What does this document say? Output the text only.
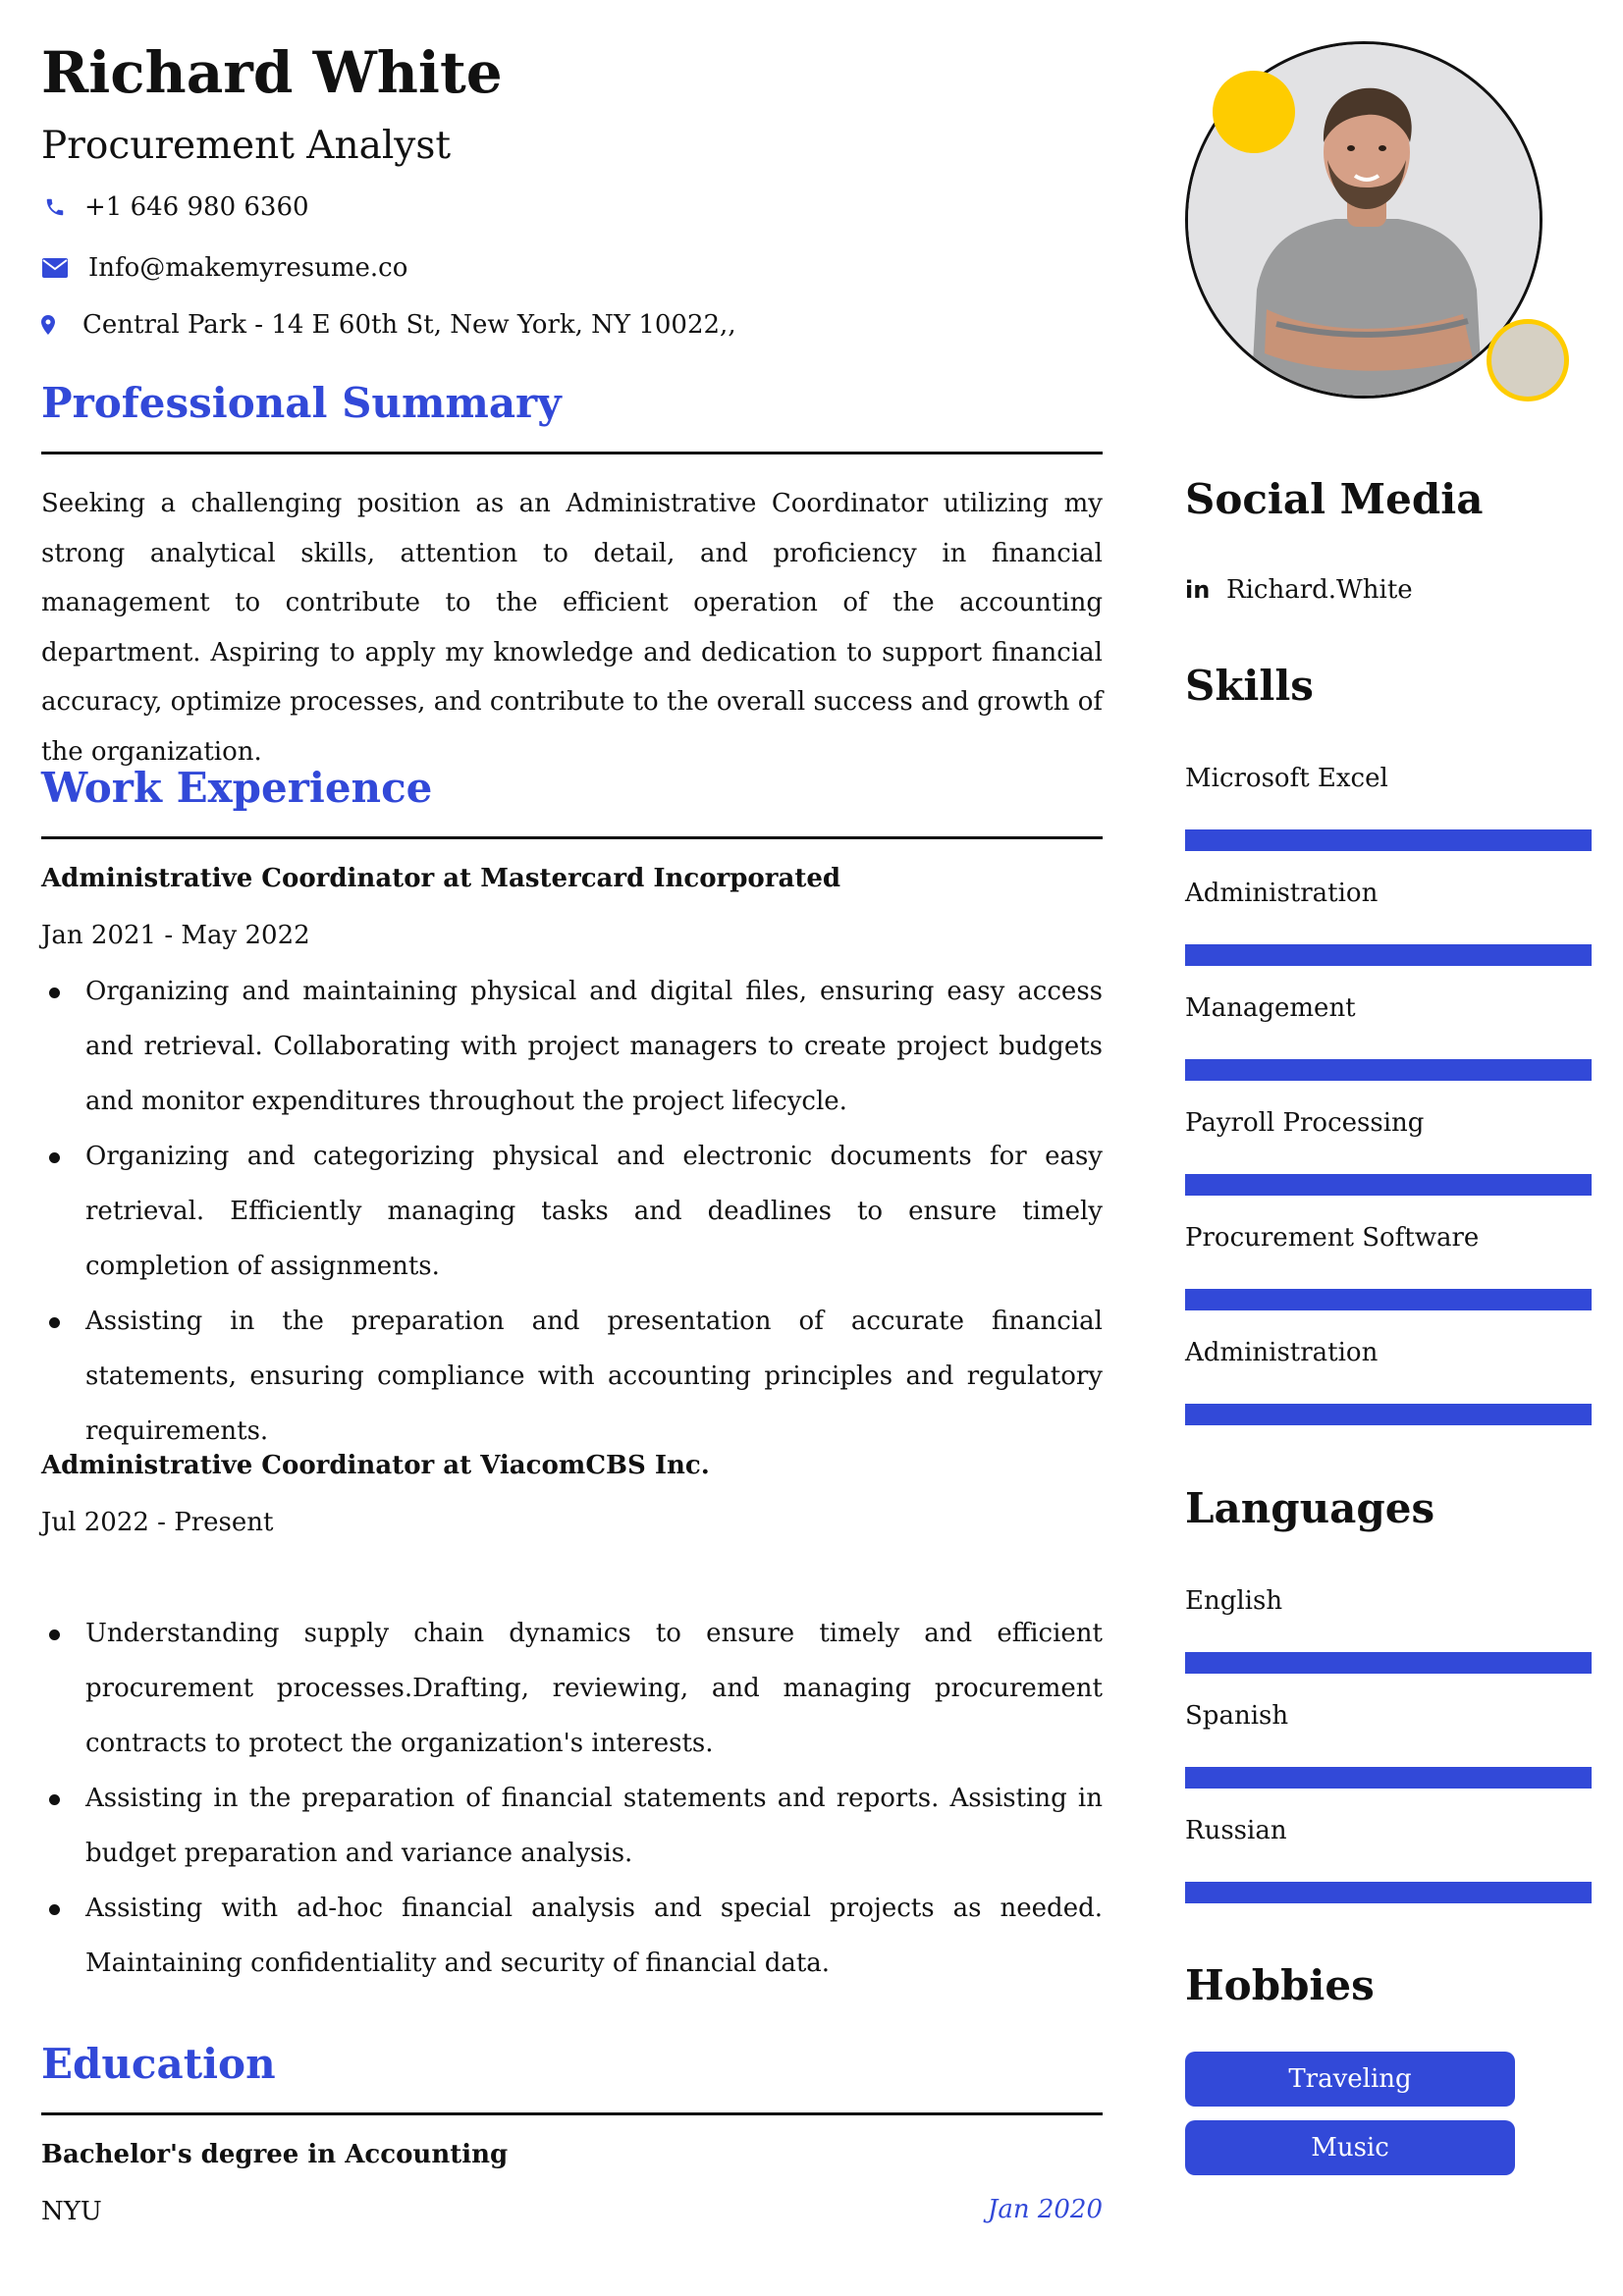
Richard White
Procurement Analyst
+1 646 980 6360
Info@makemyresume.co
Central Park - 14 E 60th St, New York, NY 10022,,
Professional Summary

Seeking a challenging position as an Administrative Coordinator utilizing my strong analytical skills, attention to detail, and proficiency in financial management to contribute to the efficient operation of the accounting department. Aspiring to apply my knowledge and dedication to support financial accuracy, optimize processes, and contribute to the overall success and growth of the organization.

Work Experience
Administrative Coordinator at Mastercard Incorporated
Jan 2021 - May 2022
Organizing and maintaining physical and digital files, ensuring easy access and retrieval. Collaborating with project managers to create project budgets and monitor expenditures throughout the project lifecycle.
Organizing and categorizing physical and electronic documents for easy retrieval. Efficiently managing tasks and deadlines to ensure timely completion of assignments.
Assisting in the preparation and presentation of accurate financial statements, ensuring compliance with accounting principles and regulatory requirements.
Administrative Coordinator at ViacomCBS Inc.
Jul 2022 - Present
Understanding supply chain dynamics to ensure timely and efficient procurement processes.Drafting, reviewing, and managing procurement contracts to protect the organization's interests.
Assisting in the preparation of financial statements and reports. Assisting in budget preparation and variance analysis.
Assisting with ad-hoc financial analysis and special projects as needed. Maintaining confidentiality and security of financial data.
Education
Bachelor's degree in Accounting
NYU	Jan 2020
Social Media
in Richard.White
Skills
Microsoft Excel
Administration
Management
Payroll Processing
Procurement Software
Administration
Languages
English
Spanish
Russian
Hobbies
Traveling
Music
